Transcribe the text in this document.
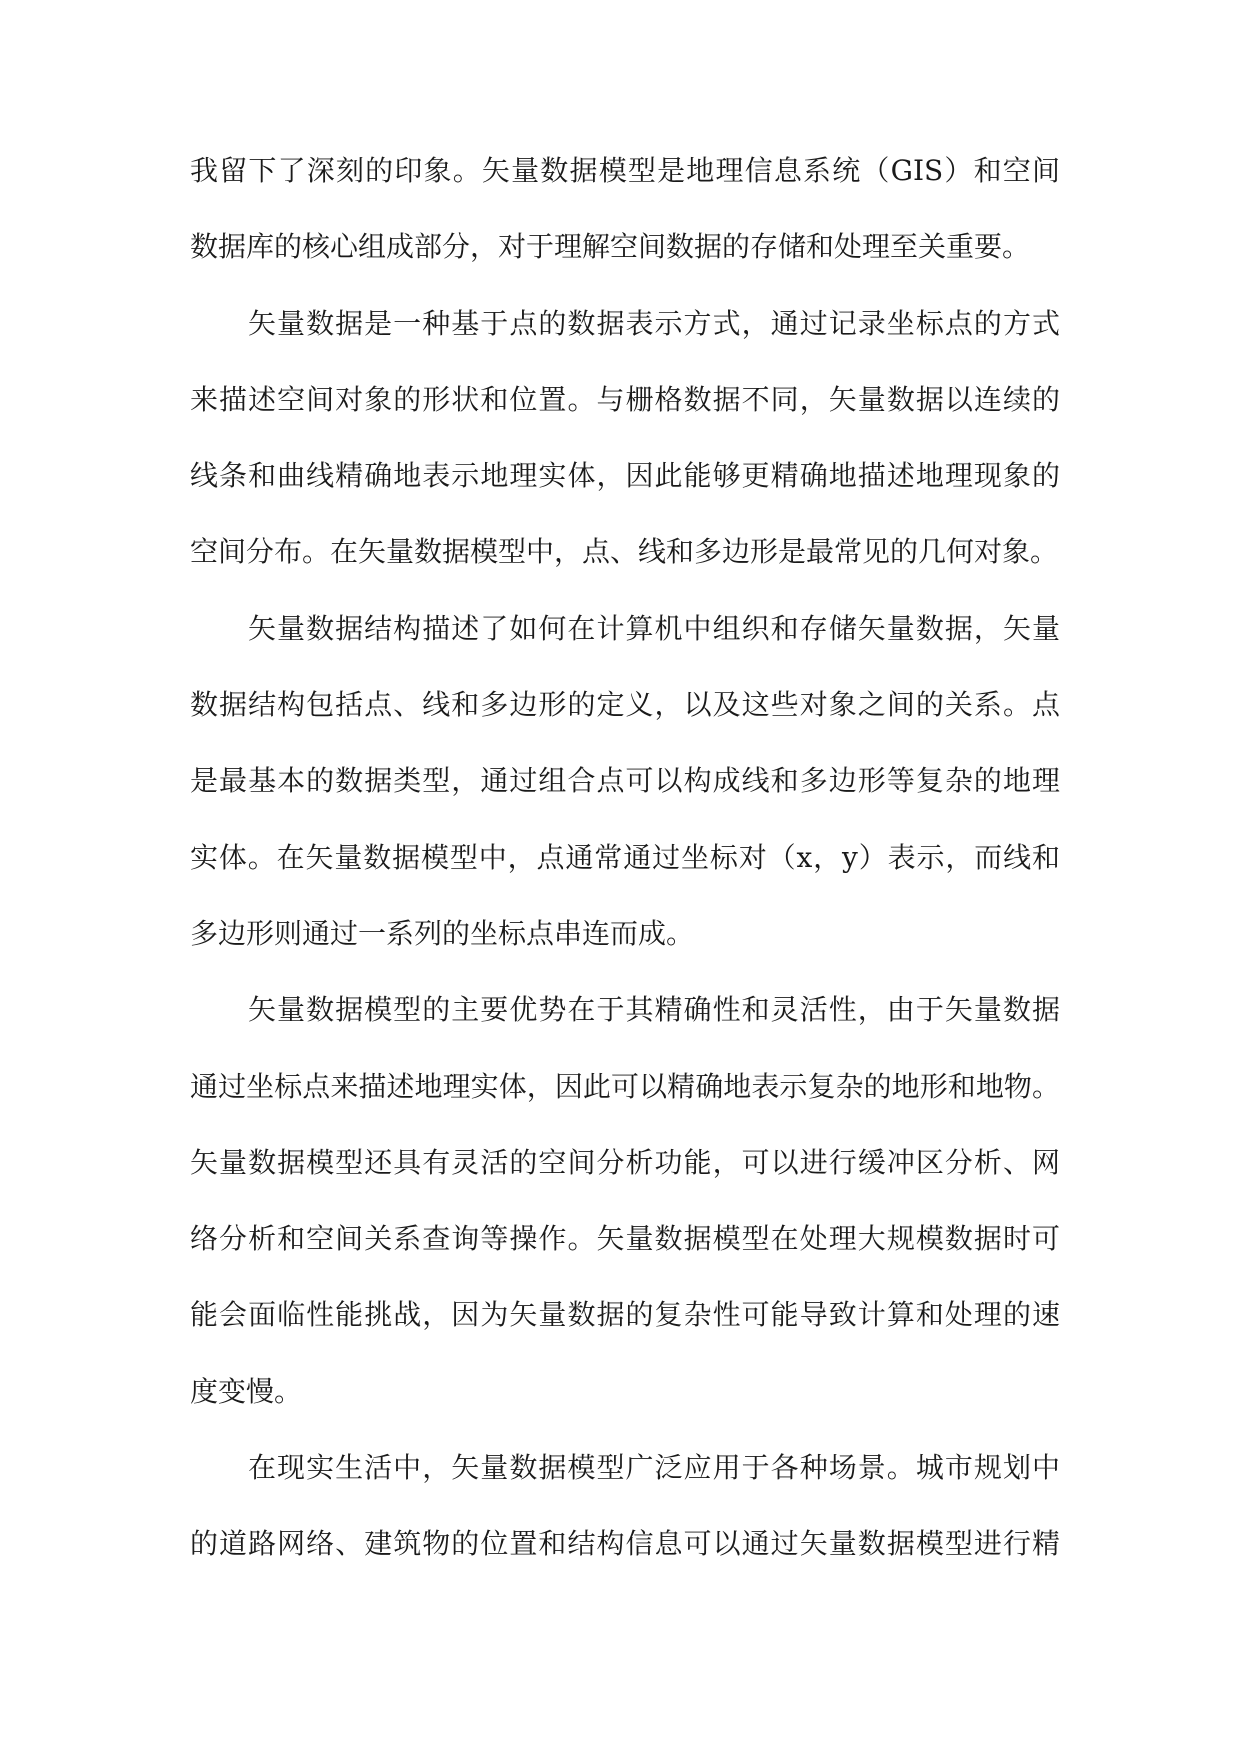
我留下了深刻的印象。矢量数据模型是地理信息系统（GIS）和空间
数据库的核心组成部分，对于理解空间数据的存储和处理至关重要。
矢量数据是一种基于点的数据表示方式，通过记录坐标点的方式
来描述空间对象的形状和位置。与栅格数据不同，矢量数据以连续的
线条和曲线精确地表示地理实体，因此能够更精确地描述地理现象的
空间分布。在矢量数据模型中，点、线和多边形是最常见的几何对象。
矢量数据结构描述了如何在计算机中组织和存储矢量数据，矢量
数据结构包括点、线和多边形的定义，以及这些对象之间的关系。点
是最基本的数据类型，通过组合点可以构成线和多边形等复杂的地理
实体。在矢量数据模型中，点通常通过坐标对（x，y）表示，而线和
多边形则通过一系列的坐标点串连而成。
矢量数据模型的主要优势在于其精确性和灵活性，由于矢量数据
通过坐标点来描述地理实体，因此可以精确地表示复杂的地形和地物。
矢量数据模型还具有灵活的空间分析功能，可以进行缓冲区分析、网
络分析和空间关系查询等操作。矢量数据模型在处理大规模数据时可
能会面临性能挑战，因为矢量数据的复杂性可能导致计算和处理的速
度变慢。
在现实生活中，矢量数据模型广泛应用于各种场景。城市规划中
的道路网络、建筑物的位置和结构信息可以通过矢量数据模型进行精
